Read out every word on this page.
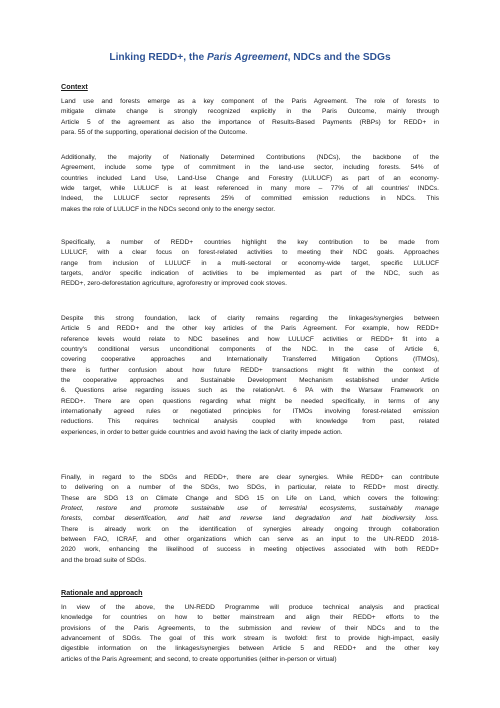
Linking REDD+, the Paris Agreement, NDCs and the SDGs
Context
Land use and forests emerge as a key component of the Paris Agreement. The role of forests to
mitigate climate change is strongly recognized explicitly in the Paris Outcome, mainly through
Article 5 of the agreement as also the importance of Results-Based Payments (RBPs) for REDD+ in
para. 55 of the supporting, operational decision of the Outcome.
Additionally, the majority of Nationally Determined Contributions (NDCs), the backbone of the
Agreement, include some type of commitment in the land-use sector, including forests. 54% of
countries included Land Use, Land-Use Change and Forestry (LULUCF) as part of an economy-
wide target, while LULUCF is at least referenced in many more – 77% of all countries' INDCs.
Indeed, the LULUCF sector represents 25% of committed emission reductions in NDCs. This
makes the role of LULUCF in the NDCs second only to the energy sector.
Specifically, a number of REDD+ countries highlight the key contribution to be made from
LULUCF, with a clear focus on forest-related activities to meeting their NDC goals. Approaches
range from inclusion of LULUCF in a multi-sectoral or economy-wide target, specific LULUCF
targets, and/or specific indication of activities to be implemented as part of the NDC, such as
REDD+, zero-deforestation agriculture, agroforestry or improved cook stoves.
Despite this strong foundation, lack of clarity remains regarding the linkages/synergies between
Article 5 and REDD+ and the other key articles of the Paris Agreement. For example, how REDD+
reference levels would relate to NDC baselines and how LULUCF activities or REDD+ fit into a
country's conditional versus unconditional components of the NDC. In the case of Article 6,
covering cooperative approaches and Internationally Transferred Mitigation Options (ITMOs),
there is further confusion about how future REDD+ transactions might fit within the context of
the cooperative approaches and Sustainable Development Mechanism established under Article
6. Questions arise regarding issues such as the relationArt. 6 PA with the Warsaw Framework on
REDD+. There are open questions regarding what might be needed specifically, in terms of any
internationally agreed rules or negotiated principles for ITMOs involving forest-related emission
reductions. This requires technical analysis coupled with knowledge from past, related
experiences, in order to better guide countries and avoid having the lack of clarity impede action.
Finally, in regard to the SDGs and REDD+, there are clear synergies. While REDD+ can contribute
to delivering on a number of the SDGs, two SDGs, in particular, relate to REDD+ most directly.
These are SDG 13 on Climate Change and SDG 15 on Life on Land, which covers the following:
Protect, restore and promote sustainable use of terrestrial ecosystems, sustainably manage
forests, combat desertification, and halt and reverse land degradation and halt biodiversity loss.
There is already work on the identification of synergies already ongoing through collaboration
between FAO, ICRAF, and other organizations which can serve as an input to the UN-REDD 2018-
2020 work, enhancing the likelihood of success in meeting objectives associated with both REDD+
and the broad suite of SDGs.
Rationale and approach
In view of the above, the UN-REDD Programme will produce technical analysis and practical
knowledge for countries on how to better mainstream and align their REDD+ efforts to the
provisions of the Paris Agreements, to the submission and review of their NDCs and to the
advancement of SDGs. The goal of this work stream is twofold: first to provide high-impact, easily
digestible information on the linkages/synergies between Article 5 and REDD+ and the other key
articles of the Paris Agreement; and second, to create opportunities (either in-person or virtual)
